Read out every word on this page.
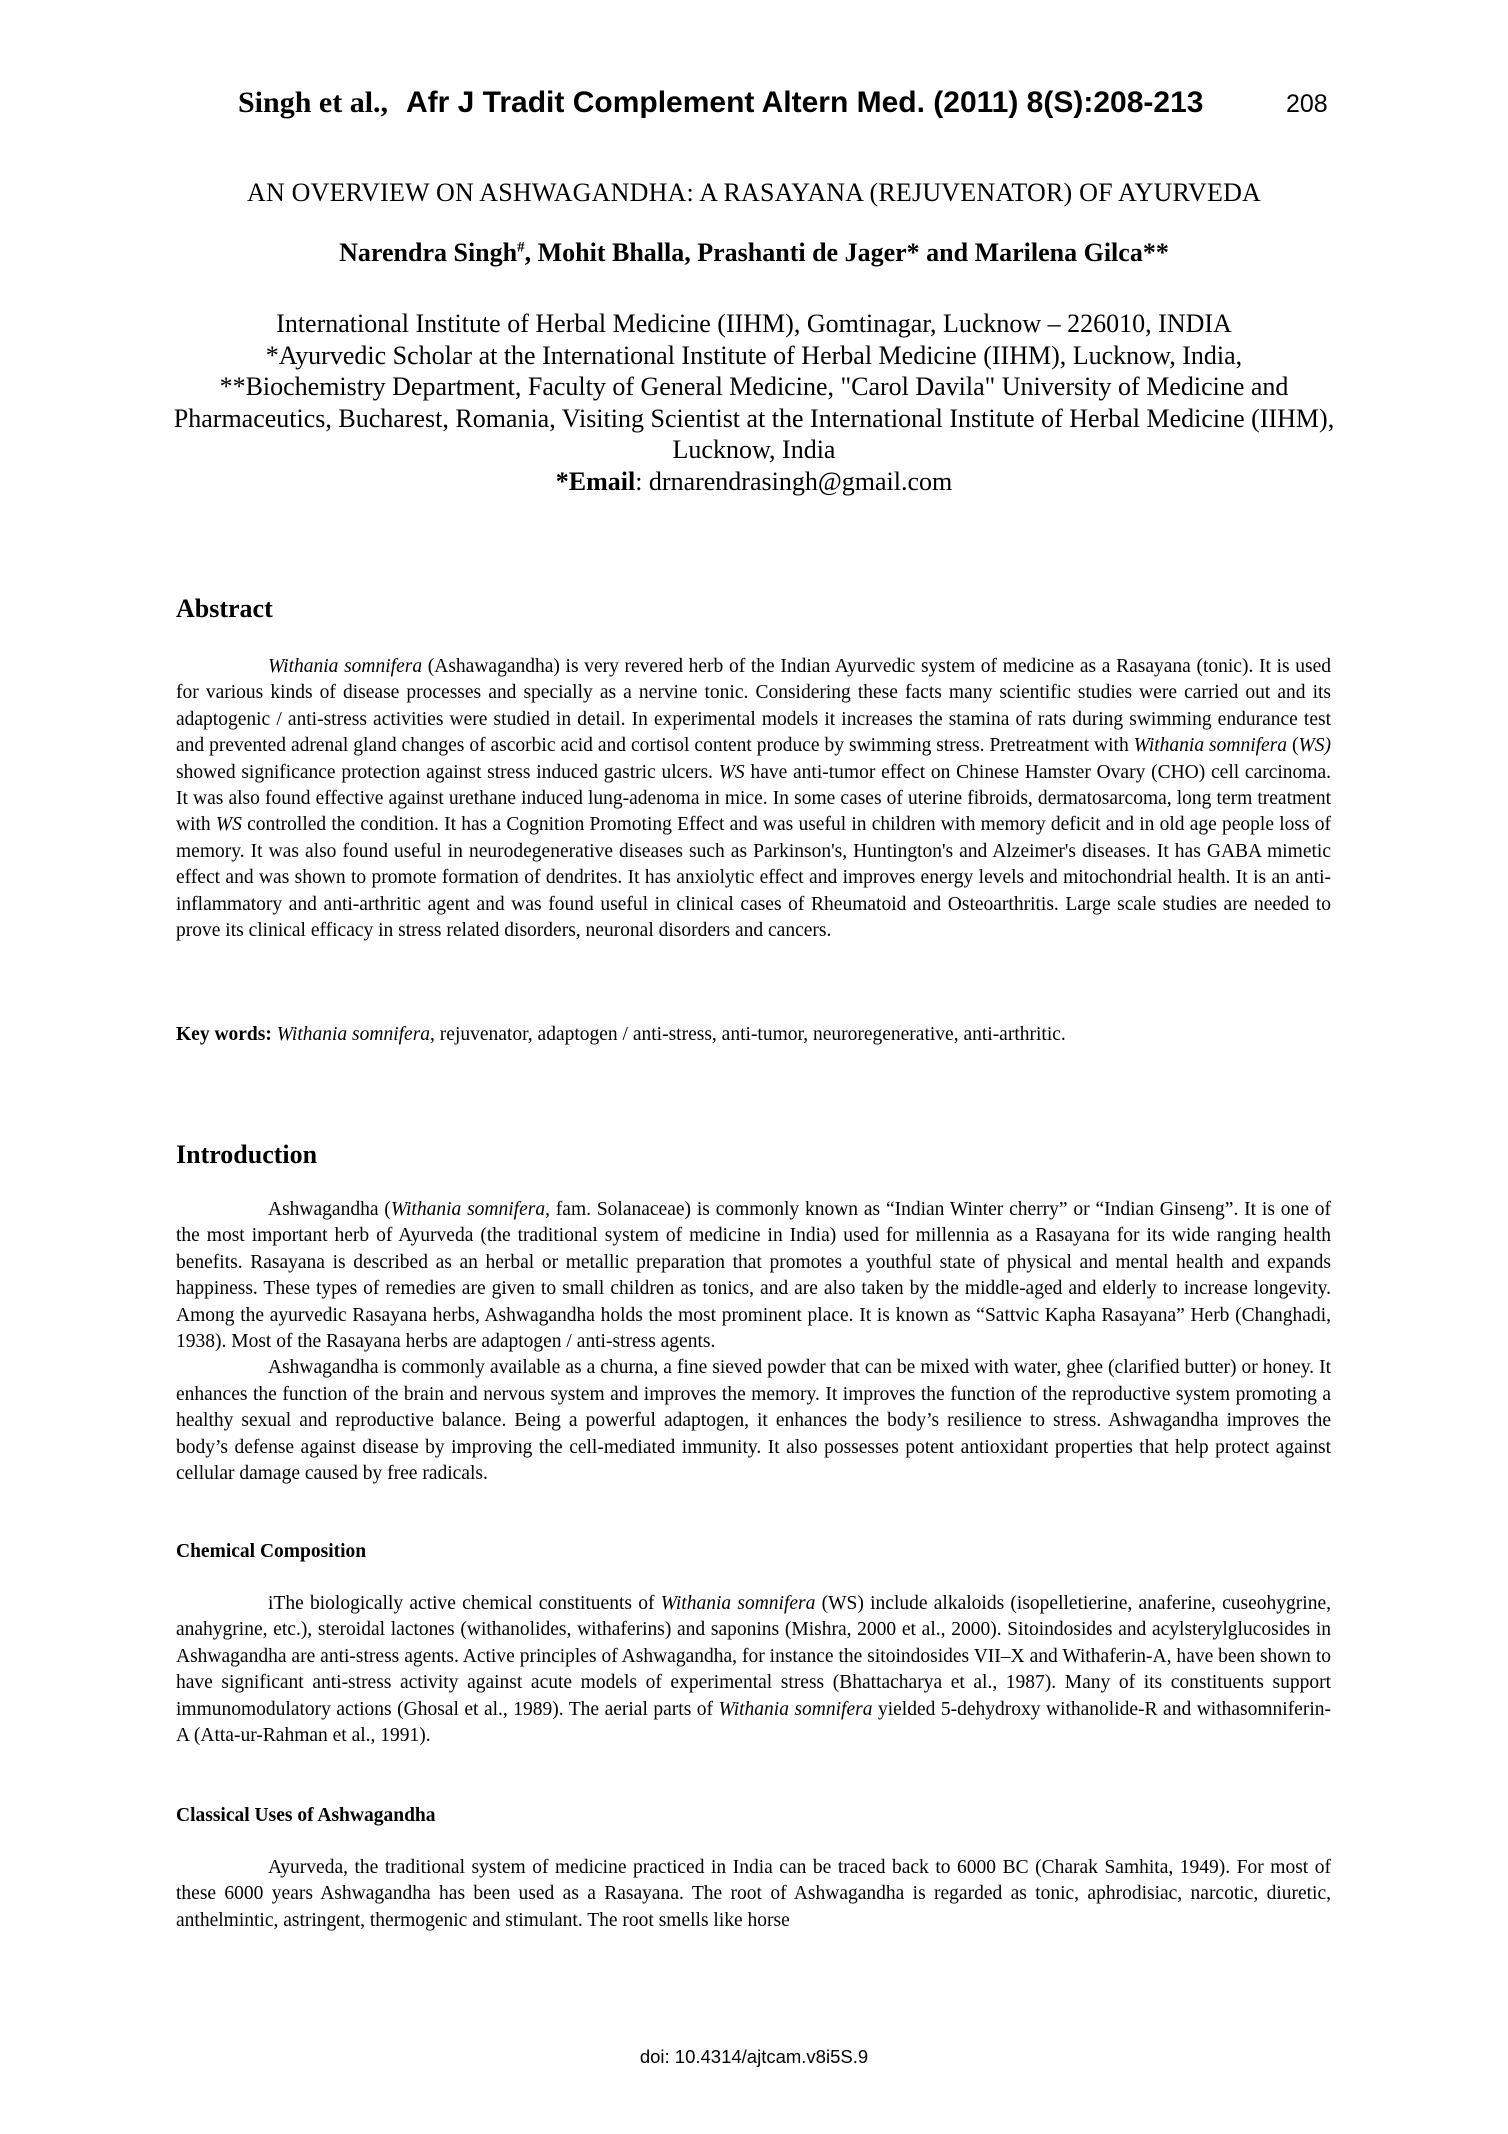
Singh et al., Afr J Tradit Complement Altern Med. (2011) 8(S):208-213	208
AN OVERVIEW ON ASHWAGANDHA: A RASAYANA (REJUVENATOR) OF AYURVEDA
Narendra Singh#, Mohit Bhalla, Prashanti de Jager* and Marilena Gilca**
International Institute of Herbal Medicine (IIHM), Gomtinagar, Lucknow – 226010, INDIA
*Ayurvedic Scholar at the International Institute of Herbal Medicine (IIHM), Lucknow, India,
**Biochemistry Department, Faculty of General Medicine, "Carol Davila" University of Medicine and Pharmaceutics, Bucharest, Romania, Visiting Scientist at the International Institute of Herbal Medicine (IIHM), Lucknow, India
*Email: drnarendrasingh@gmail.com
Abstract

Withania somnifera (Ashawagandha) is very revered herb of the Indian Ayurvedic system of medicine as a Rasayana (tonic). It is used for various kinds of disease processes and specially as a nervine tonic. Considering these facts many scientific studies were carried out and its adaptogenic / anti-stress activities were studied in detail. In experimental models it increases the stamina of rats during swimming endurance test and prevented adrenal gland changes of ascorbic acid and cortisol content produce by swimming stress. Pretreatment with Withania somnifera (WS) showed significance protection against stress induced gastric ulcers. WS have anti-tumor effect on Chinese Hamster Ovary (CHO) cell carcinoma. It was also found effective against urethane induced lung-adenoma in mice. In some cases of uterine fibroids, dermatosarcoma, long term treatment with WS controlled the condition. It has a Cognition Promoting Effect and was useful in children with memory deficit and in old age people loss of memory. It was also found useful in neurodegenerative diseases such as Parkinson's, Huntington's and Alzeimer's diseases. It has GABA mimetic effect and was shown to promote formation of dendrites. It has anxiolytic effect and improves energy levels and mitochondrial health. It is an anti-inflammatory and anti-arthritic agent and was found useful in clinical cases of Rheumatoid and Osteoarthritis. Large scale studies are needed to prove its clinical efficacy in stress related disorders, neuronal disorders and cancers.

Key words: Withania somnifera, rejuvenator, adaptogen / anti-stress, anti-tumor, neuroregenerative, anti-arthritic.
Introduction

Ashwagandha (Withania somnifera, fam. Solanaceae) is commonly known as “Indian Winter cherry” or “Indian Ginseng”. It is one of the most important herb of Ayurveda (the traditional system of medicine in India) used for millennia as a Rasayana for its wide ranging health benefits. Rasayana is described as an herbal or metallic preparation that promotes a youthful state of physical and mental health and expands happiness. These types of remedies are given to small children as tonics, and are also taken by the middle-aged and elderly to increase longevity. Among the ayurvedic Rasayana herbs, Ashwagandha holds the most prominent place. It is known as “Sattvic Kapha Rasayana” Herb (Changhadi, 1938). Most of the Rasayana herbs are adaptogen / anti-stress agents.

Ashwagandha is commonly available as a churna, a fine sieved powder that can be mixed with water, ghee (clarified butter) or honey. It enhances the function of the brain and nervous system and improves the memory. It improves the function of the reproductive system promoting a healthy sexual and reproductive balance. Being a powerful adaptogen, it enhances the body’s resilience to stress. Ashwagandha improves the body’s defense against disease by improving the cell-mediated immunity. It also possesses potent antioxidant properties that help protect against cellular damage caused by free radicals.

Chemical Composition

iThe biologically active chemical constituents of Withania somnifera (WS) include alkaloids (isopelletierine, anaferine, cuseohygrine, anahygrine, etc.), steroidal lactones (withanolides, withaferins) and saponins (Mishra, 2000 et al., 2000). Sitoindosides and acylsterylglucosides in Ashwagandha are anti-stress agents. Active principles of Ashwagandha, for instance the sitoindosides VII–X and Withaferin-A, have been shown to have significant anti-stress activity against acute models of experimental stress (Bhattacharya et al., 1987). Many of its constituents support immunomodulatory actions (Ghosal et al., 1989). The aerial parts of Withania somnifera yielded 5-dehydroxy withanolide-R and withasomniferin-A (Atta-ur-Rahman et al., 1991).

Classical Uses of Ashwagandha

Ayurveda, the traditional system of medicine practiced in India can be traced back to 6000 BC (Charak Samhita, 1949). For most of these 6000 years Ashwagandha has been used as a Rasayana. The root of Ashwagandha is regarded as tonic, aphrodisiac, narcotic, diuretic, anthelmintic, astringent, thermogenic and stimulant. The root smells like horse

doi: 10.4314/ajtcam.v8i5S.9
